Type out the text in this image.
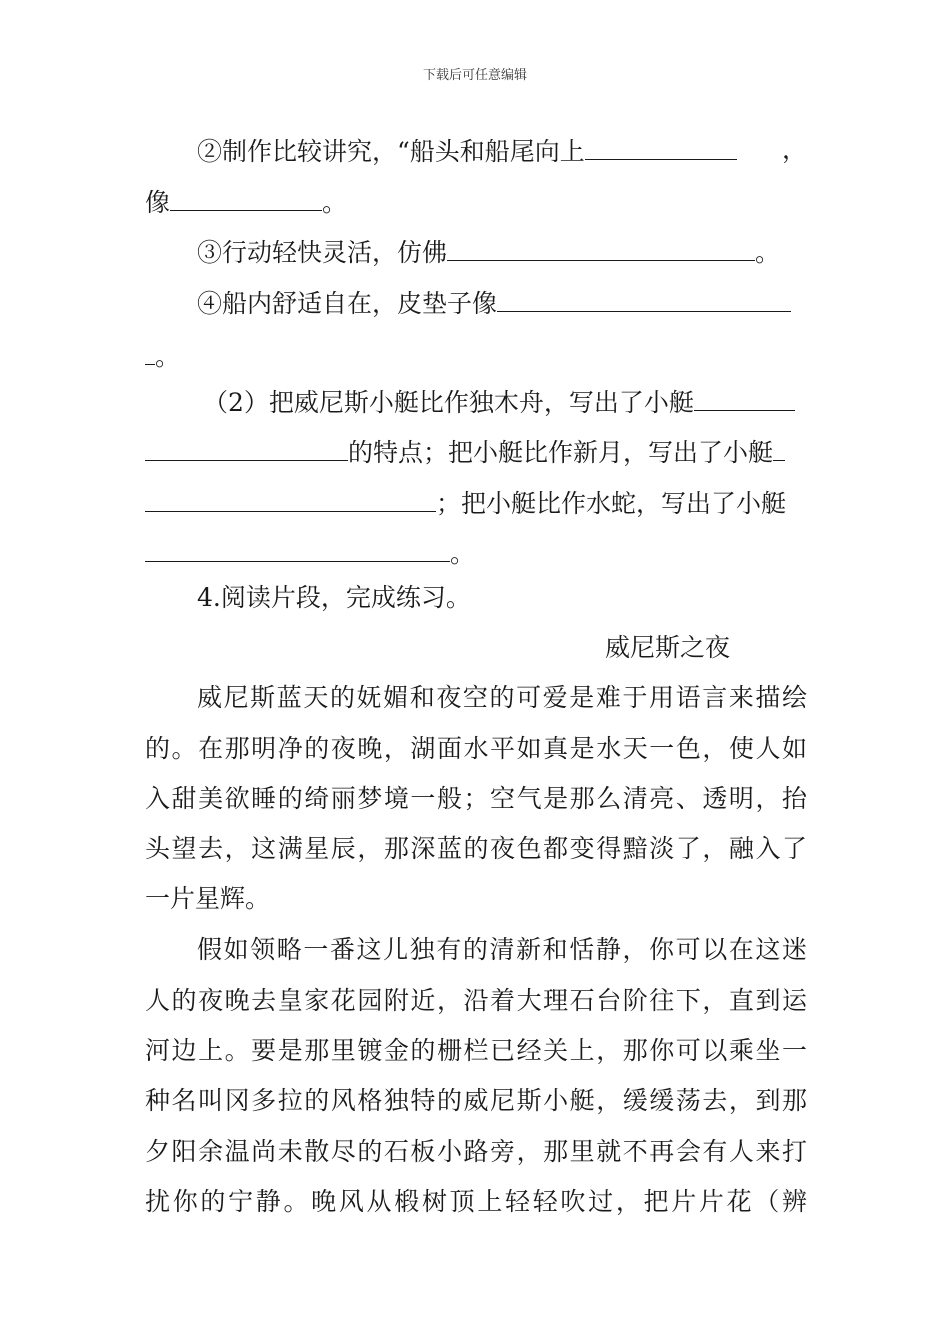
下载后可任意编辑
②制作比较讲究，“船头和船尾向上	，
像	。
③行动轻快灵活，仿佛	。
④船内舒适自在，皮垫子像
。
（2）把威尼斯小艇比作独木舟，写出了小艇
的特点；把小艇比作新月，写出了小艇
；把小艇比作水蛇，写出了小艇
。
4.阅读片段，完成练习。
威尼斯之夜
威尼斯蓝天的妩媚和夜空的可爱是难于用语言来描绘
的。在那明净的夜晚，湖面水平如真是水天一色，使人如
入甜美欲睡的绮丽梦境一般；空气是那么清亮、透明，抬
头望去，这满星辰，那深蓝的夜色都变得黯淡了，融入了
一片星辉。
假如领略一番这儿独有的清新和恬静，你可以在这迷
人的夜晚去皇家花园附近，沿着大理石台阶往下，直到运
河边上。要是那里镀金的栅栏已经关上，那你可以乘坐一
种名叫冈多拉的风格独特的威尼斯小艇，缓缓荡去，到那
夕阳余温尚未散尽的石板小路旁，那里就不再会有人来打
扰你的宁静。晚风从椴树顶上轻轻吹过，把片片花（辨
